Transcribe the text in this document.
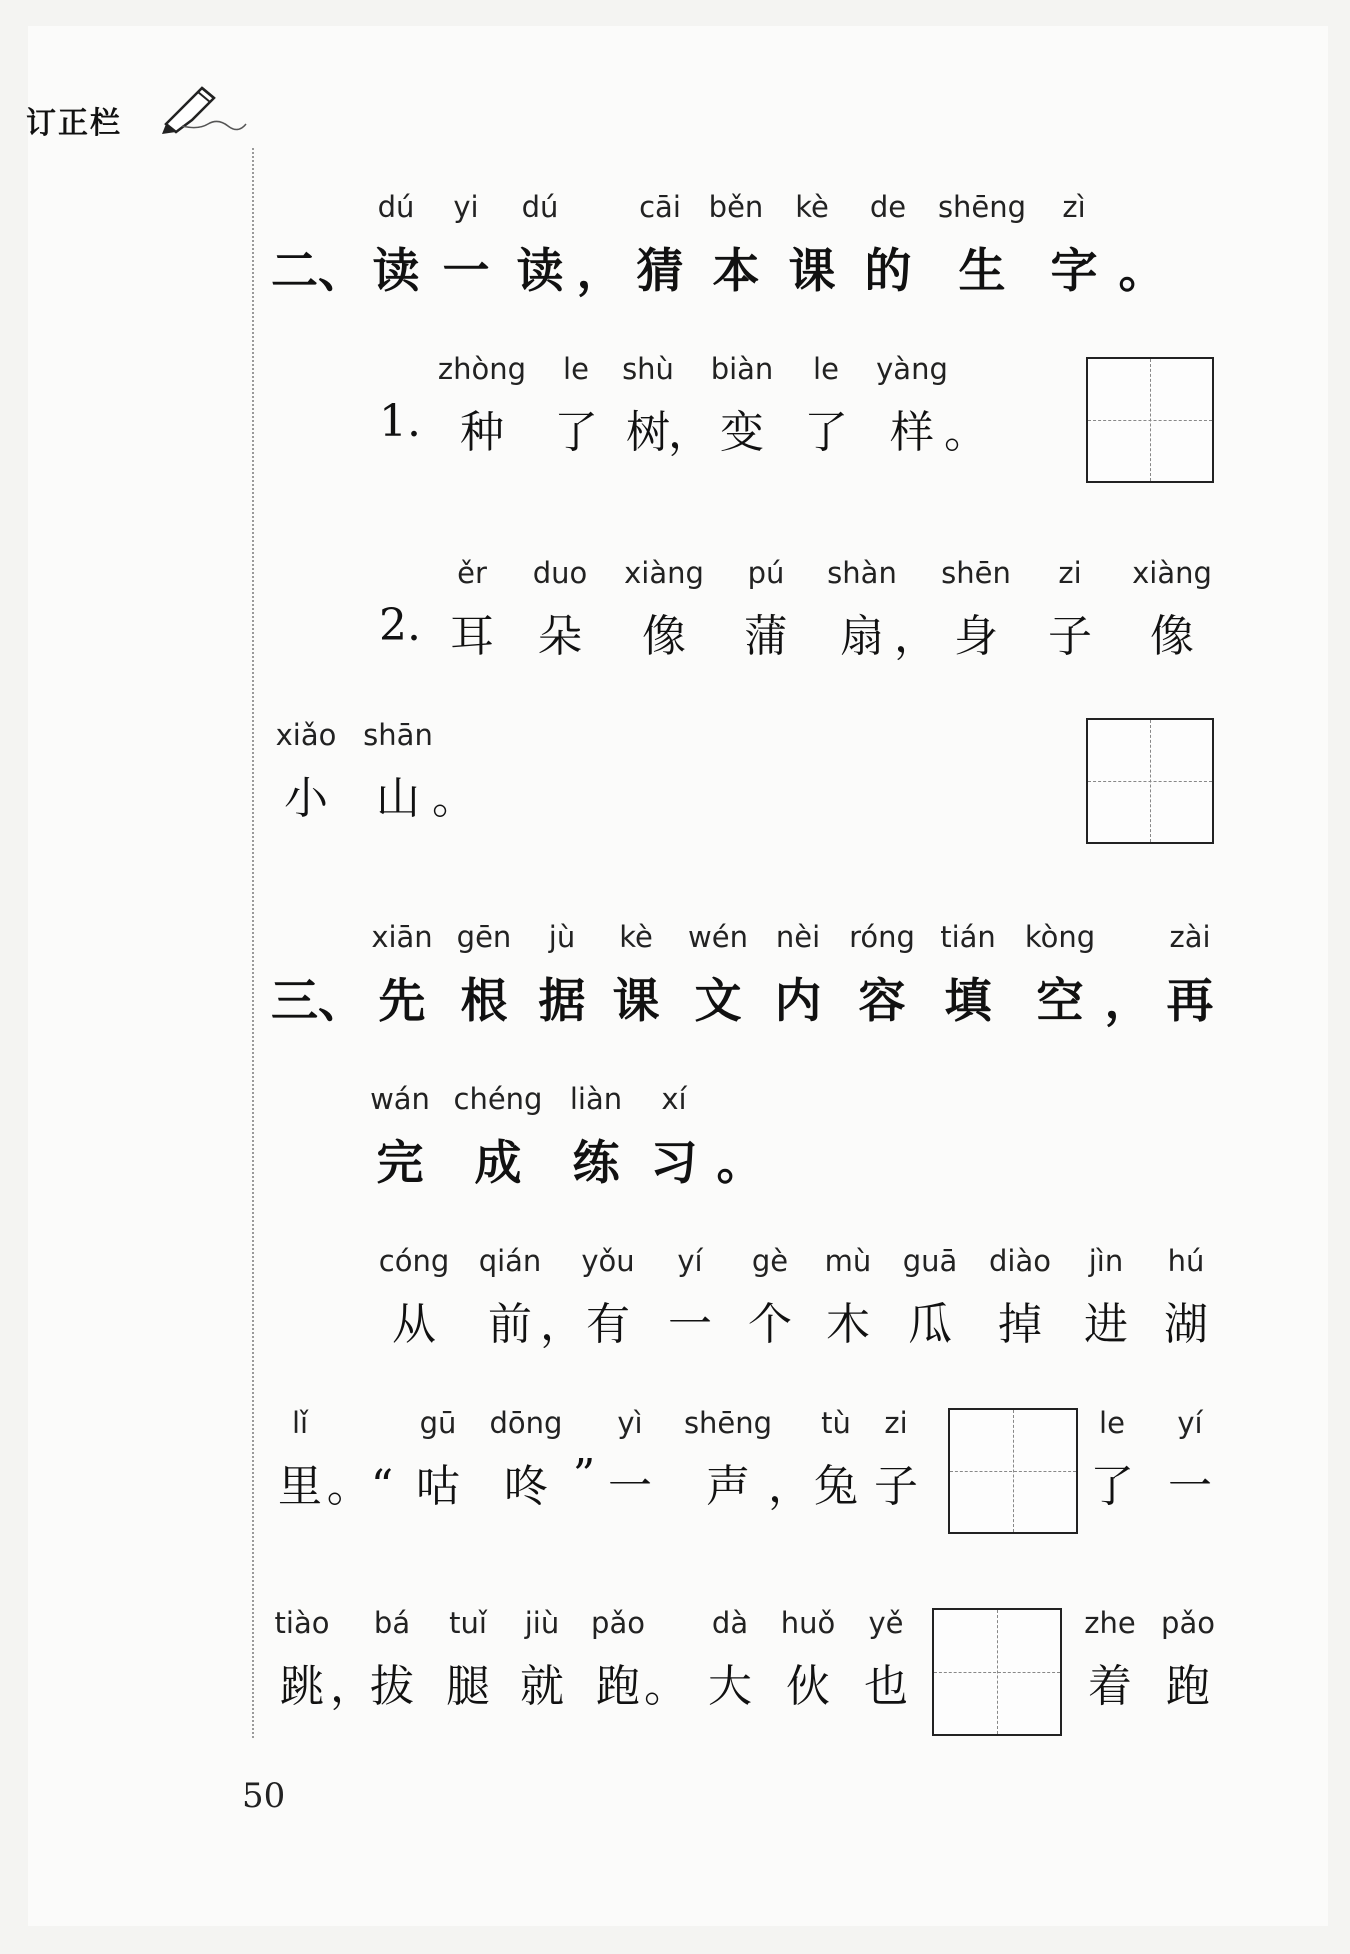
订正栏
二、
dú
读
yi
一
dú
读 ，
cāi
猜
běn
本
kè
课
de
的
shēng
生
zì
字 。
1.
zhòng
种
le
了
shù
树
，
biàn
变
le
了
yàng
样 。
2.
ěr
耳
duo
朵
xiàng
像
pú
蒲
shàn
扇 ，
shēn
身
zi
子
xiàng
像
xiǎo
小
shān
山 。
三、
xiān
先
gēn
根
jù
据
kè
课
wén
文
nèi
内
róng
容
tián
填
kòng
空 ，
zài
再
wán
完
chéng
成
liàn
练
xí
习 。
cóng
从
qián
前 ，
yǒu
有
yí
一
gè
个
mù
木
guā
瓜
diào
掉
jìn
进
hú
湖
lǐ
里 。“
gū
咕
dōng
咚 ”
yì
一
shēng
声 ，
tù
兔
zi
子
le
了
yí
一
tiào
跳 ，
bá
拔
tuǐ
腿
jiù
就
pǎo
跑 。
dà
大
huǒ
伙
yě
也
zhe
着
pǎo
跑
50
